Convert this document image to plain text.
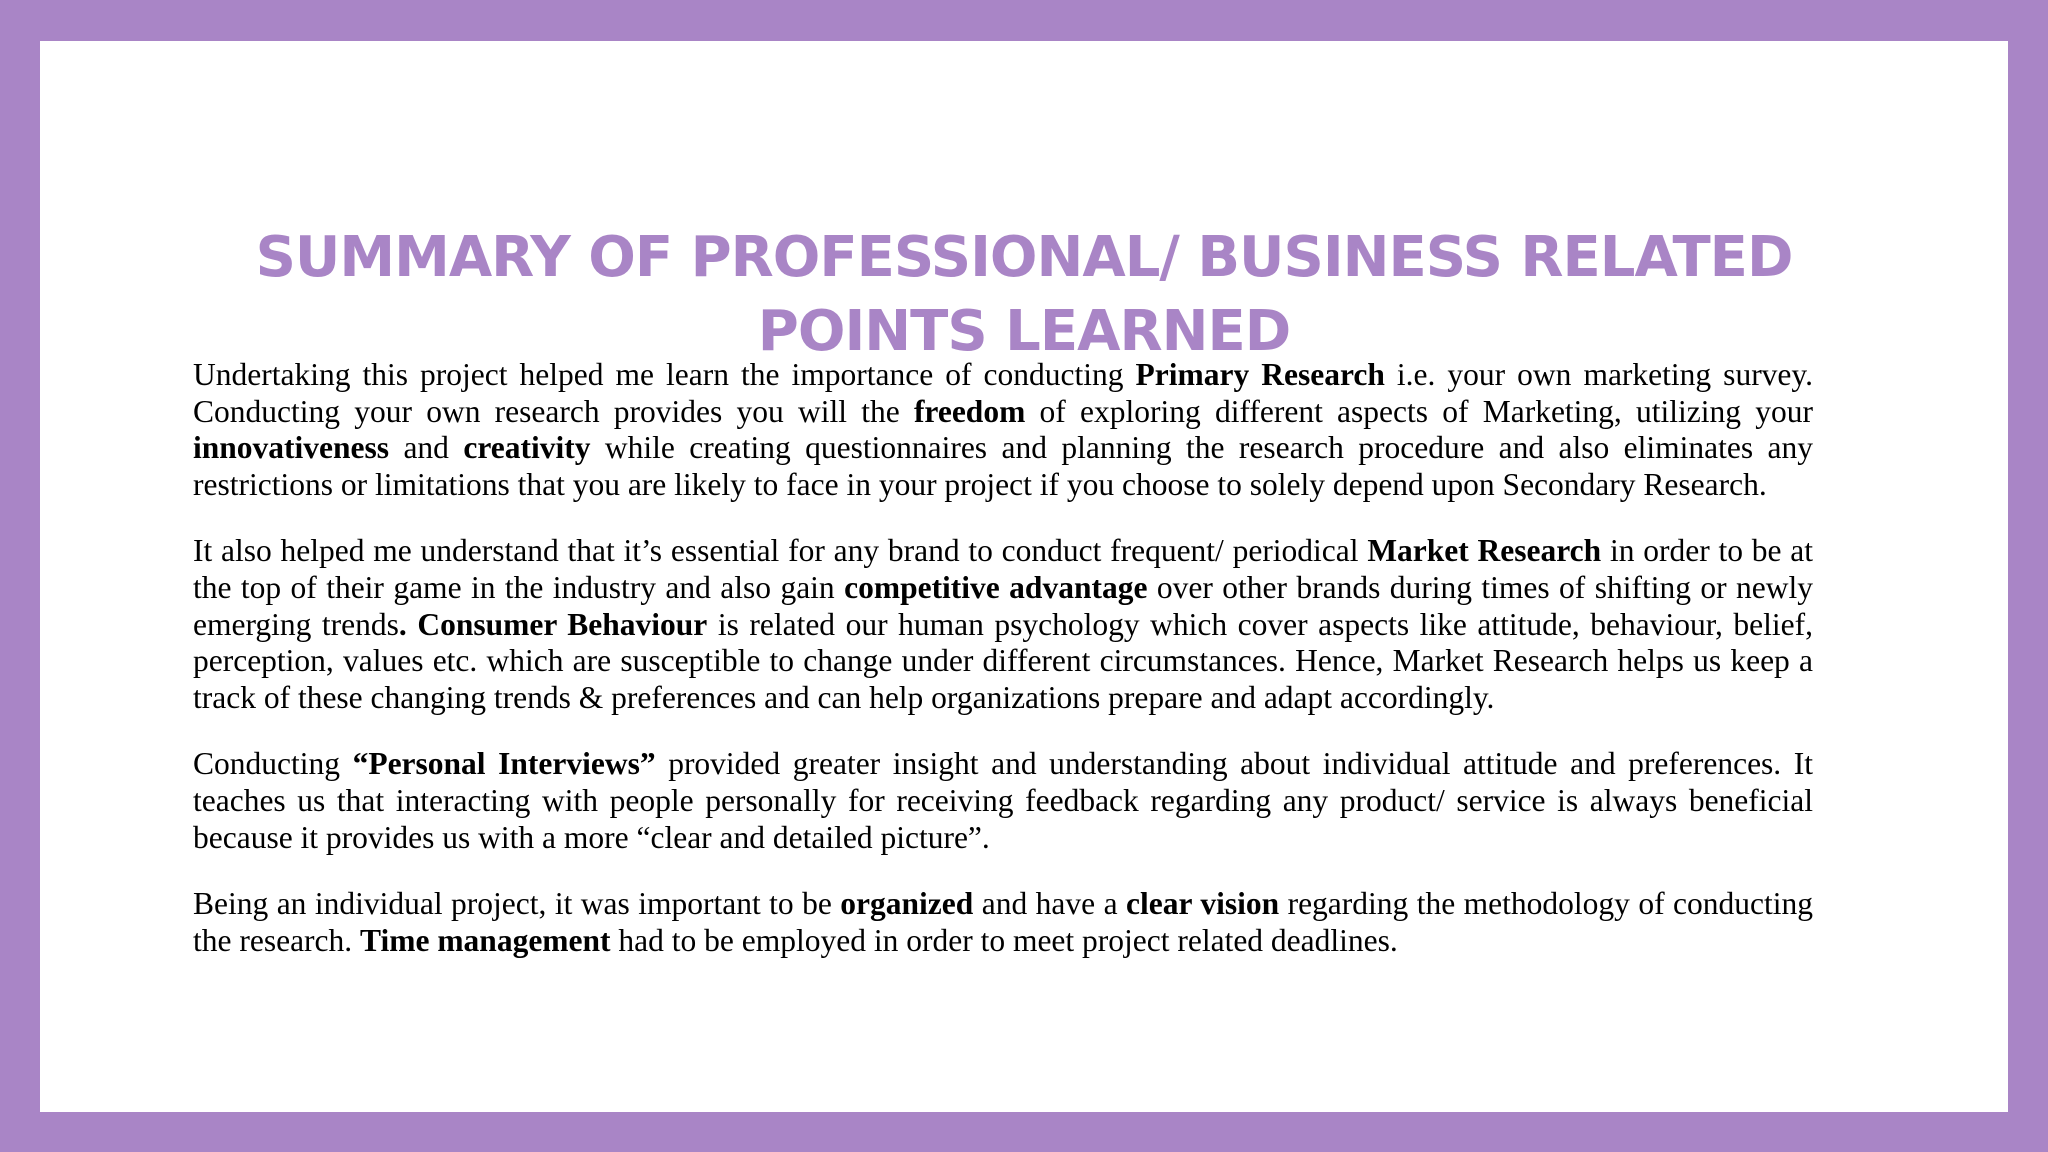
SUMMARY OF PROFESSIONAL/ BUSINESS RELATED
POINTS LEARNED

Undertaking this project helped me learn the importance of conducting Primary Research i.e. your own marketing survey. Conducting your own research provides you will the freedom of exploring different aspects of Marketing, utilizing your innovativeness and creativity while creating questionnaires and planning the research procedure and also eliminates any restrictions or limitations that you are likely to face in your project if you choose to solely depend upon Secondary Research.

It also helped me understand that it’s essential for any brand to conduct frequent/ periodical Market Research in order to be at the top of their game in the industry and also gain competitive advantage over other brands during times of shifting or newly emerging trends. Consumer Behaviour is related our human psychology which cover aspects like attitude, behaviour, belief, perception, values etc. which are susceptible to change under different circumstances. Hence, Market Research helps us keep a track of these changing trends & preferences and can help organizations prepare and adapt accordingly.

Conducting “Personal Interviews” provided greater insight and understanding about individual attitude and preferences. It teaches us that interacting with people personally for receiving feedback regarding any product/ service is always beneficial because it provides us with a more “clear and detailed picture”.

Being an individual project, it was important to be organized and have a clear vision regarding the methodology of conducting the research. Time management had to be employed in order to meet project related deadlines.
